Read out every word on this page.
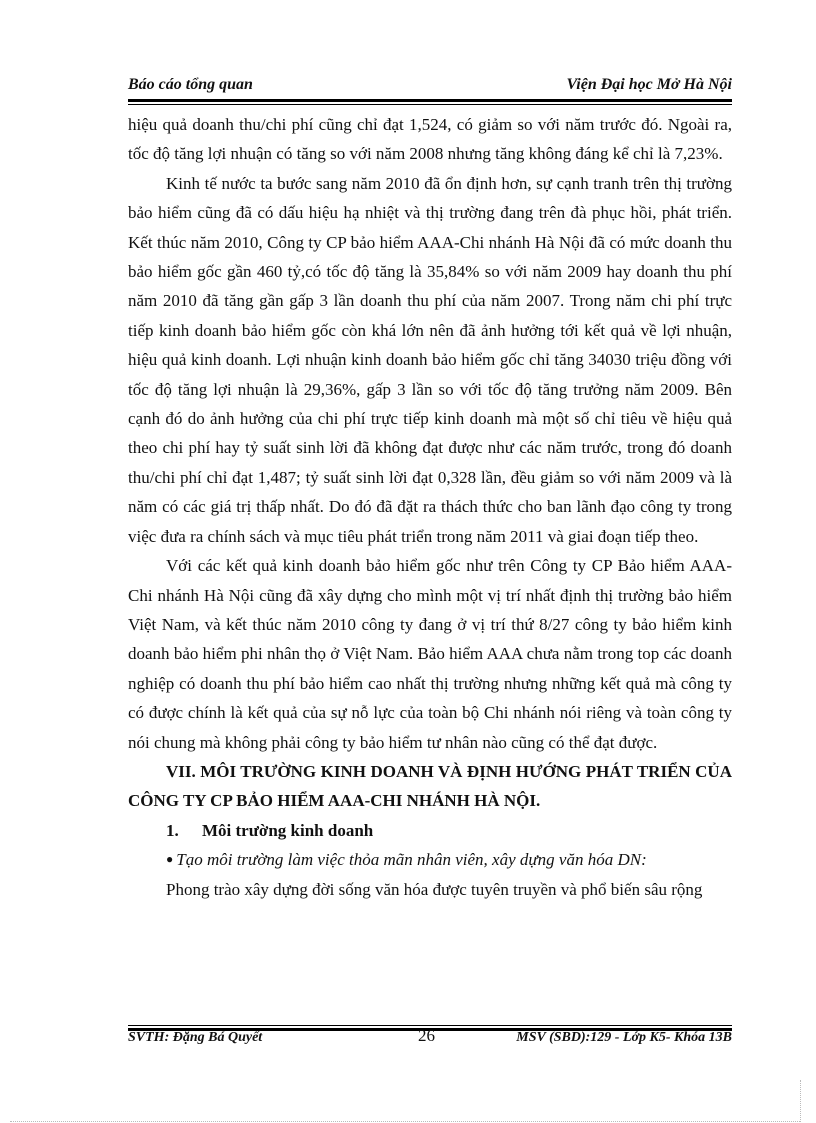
Báo cáo tổng quan	Viện Đại học Mở Hà Nội

hiệu quả doanh thu/chi phí cũng chỉ đạt 1,524, có giảm so với năm trước đó. Ngoài ra, tốc độ tăng lợi nhuận có tăng so với năm 2008 nhưng tăng không đáng kể chỉ là 7,23%.

Kinh tế nước ta bước sang năm 2010 đã ổn định hơn, sự cạnh tranh trên thị trường bảo hiểm cũng đã có dấu hiệu hạ nhiệt và thị trường đang trên đà phục hồi, phát triển. Kết thúc năm 2010, Công ty CP bảo hiểm AAA-Chi nhánh Hà Nội đã có mức doanh thu bảo hiểm gốc gần 460 tỷ,có tốc độ tăng là 35,84% so với năm 2009 hay doanh thu phí năm 2010 đã tăng gần gấp 3 lần doanh thu phí của năm 2007. Trong năm chi phí trực tiếp kinh doanh bảo hiểm gốc còn khá lớn nên đã ảnh hưởng tới kết quả về lợi nhuận, hiệu quả kinh doanh. Lợi nhuận kinh doanh bảo hiểm gốc chỉ tăng 34030 triệu đồng với tốc độ tăng lợi nhuận là 29,36%, gấp 3 lần so với tốc độ tăng trưởng năm 2009. Bên cạnh đó do ảnh hưởng của chi phí trực tiếp kinh doanh mà một số chỉ tiêu về hiệu quả theo chi phí hay tỷ suất sinh lời đã không đạt được như các năm trước, trong đó doanh thu/chi phí chỉ đạt 1,487; tỷ suất sinh lời đạt 0,328 lần, đều giảm so với năm 2009 và là năm có các giá trị thấp nhất. Do đó đã đặt ra thách thức cho ban lãnh đạo công ty trong việc đưa ra chính sách và mục tiêu phát triển trong năm 2011 và giai đoạn tiếp theo.

Với các kết quả kinh doanh bảo hiểm gốc như trên Công ty CP Bảo hiểm AAA-Chi nhánh Hà Nội cũng đã xây dựng cho mình một vị trí nhất định thị trường bảo hiểm Việt Nam, và kết thúc năm 2010 công ty đang ở vị trí thứ 8/27 công ty bảo hiểm kinh doanh bảo hiểm phi nhân thọ ở Việt Nam. Bảo hiểm AAA chưa nằm trong top các doanh nghiệp có doanh thu phí bảo hiểm cao nhất thị trường nhưng những kết quả mà công ty có được chính là kết quả của sự nỗ lực của toàn bộ Chi nhánh nói riêng và toàn công ty nói chung mà không phải công ty bảo hiểm tư nhân nào cũng có thể đạt được.

VII. MÔI TRƯỜNG KINH DOANH VÀ ĐỊNH HƯỚNG PHÁT TRIỂN CỦA CÔNG TY CP BẢO HIỂM AAA-CHI NHÁNH HÀ NỘI.

1. Môi trường kinh doanh

● Tạo môi trường làm việc thỏa mãn nhân viên, xây dựng văn hóa DN:

Phong trào xây dựng đời sống văn hóa được tuyên truyền và phổ biến sâu rộng

SVTH: Đặng Bá Quyết	26	MSV (SBD):129 - Lớp K5- Khóa 13B
